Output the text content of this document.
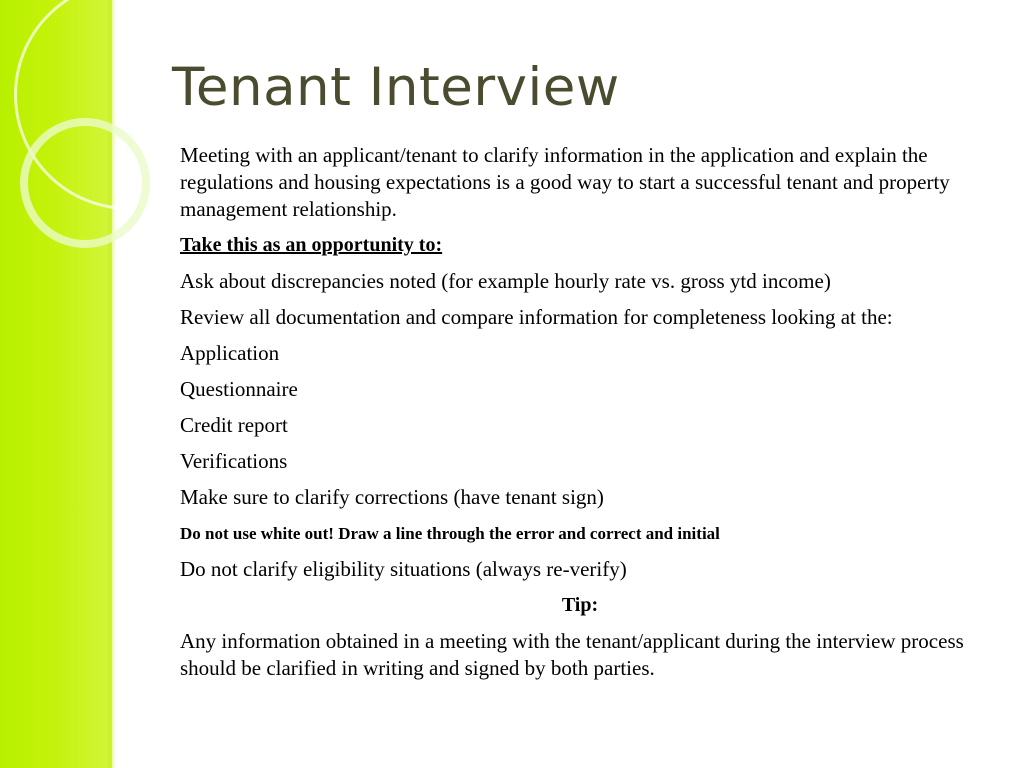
Tenant Interview

Meeting with an applicant/tenant to clarify information in the application and explain the regulations and housing expectations is a good way to start a successful tenant and property management relationship.

Take this as an opportunity to:

Ask about discrepancies noted (for example hourly rate vs. gross ytd income)

Review all documentation and compare information for completeness looking at the:

Application

Questionnaire

Credit report

Verifications

Make sure to clarify corrections (have tenant sign)

Do not use white out! Draw a line through the error and correct and initial

Do not clarify eligibility situations (always re-verify)

Tip:

Any information obtained in a meeting with the tenant/applicant during the interview process should be clarified in writing and signed by both parties.
